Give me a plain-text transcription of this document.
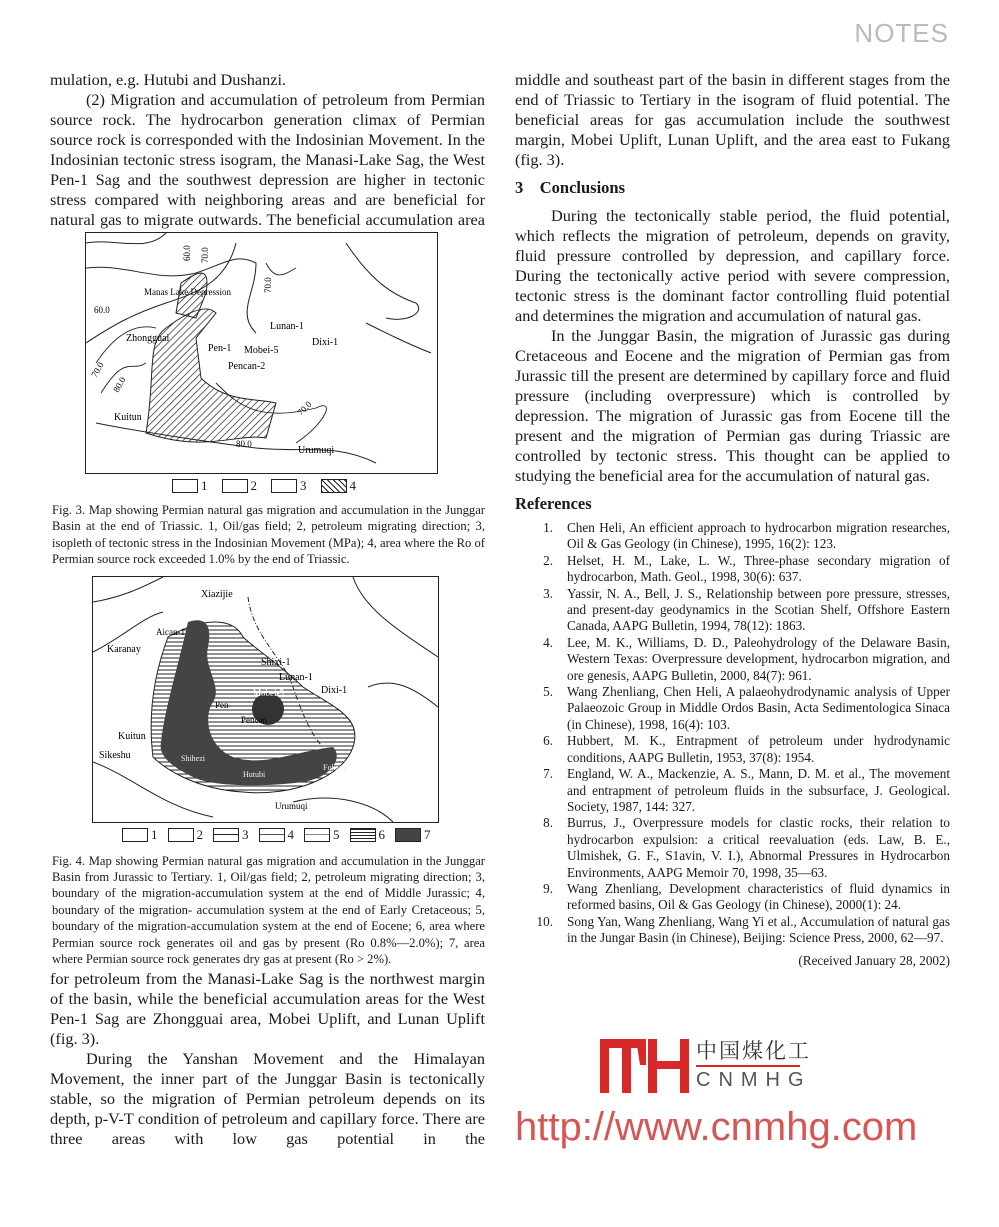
NOTES

mulation, e.g. Hutubi and Dushanzi.

(2) Migration and accumulation of petroleum from Permian source rock. The hydrocarbon generation climax of Permian source rock is corresponded with the Indosinian Movement. In the Indosinian tectonic stress isogram, the Manasi-Lake Sag, the West Pen-1 Sag and the southwest depression are higher in tectonic stress compared with neighboring areas and are beneficial for natural gas to migrate outwards. The beneficial accumulation area

Manas Lake Depression
Lunan-1
Dixi-1
Zhongguai
Pen-1 Mobei-5
Pencan-2
Kuitun
Urumuqi
60.0
70.0
70.0
60.0
70.0
80.0
70.0
80.0
1	2	3	4
Fig. 3. Map showing Permian natural gas migration and accumulation in the Junggar Basin at the end of Triassic. 1, Oil/gas field; 2, petroleum migrating direction; 3, isopleth of tectonic stress in the Indosinian Movement (MPa); 4, area where the Ro of Permian source rock exceeded 1.0% by the end of Triassic.
Xiazijie
Aican-1
Karanay
Shixi-1
Lunan-1
Mobei-5	Dixi-1
Pen-
Pencan
Kuitun
Sikeshu	Shihezi
Hutubi
Fukang
Urumuqi
1	2	3	4	5	6	7
Fig. 4. Map showing Permian natural gas migration and accumulation in the Junggar Basin from Jurassic to Tertiary. 1, Oil/gas field; 2, petroleum migrating direction; 3, boundary of the migration-accumulation system at the end of Middle Jurassic; 4, boundary of the migration- accumulation system at the end of Early Cretaceous; 5, boundary of the migration-accumulation system at the end of Eocene; 6, area where Permian source rock generates oil and gas by present (Ro 0.8%—2.0%); 7, area where Permian source rock generates dry gas at present (Ro > 2%).

for petroleum from the Manasi-Lake Sag is the northwest margin of the basin, while the beneficial accumulation areas for the West Pen-1 Sag are Zhongguai area, Mobei Uplift, and Lunan Uplift (fig. 3).

During the Yanshan Movement and the Himalayan Movement, the inner part of the Junggar Basin is tectonically stable, so the migration of Permian petroleum depends on its depth, p-V-T condition of petroleum and capillary force. There are three areas with low gas potential in the

middle and southeast part of the basin in different stages from the end of Triassic to Tertiary in the isogram of fluid potential. The beneficial areas for gas accumulation include the southwest margin, Mobei Uplift, Lunan Uplift, and the area east to Fukang (fig. 3).

3    Conclusions

During the tectonically stable period, the fluid potential, which reflects the migration of petroleum, depends on gravity, fluid pressure controlled by depression, and capillary force. During the tectonically active period with severe compression, tectonic stress is the dominant factor controlling fluid potential and determines the migration and accumulation of natural gas.

In the Junggar Basin, the migration of Jurassic gas during Cretaceous and Eocene and the migration of Permian gas from Jurassic till the present are determined by capillary force and fluid pressure (including overpressure) which is controlled by depression. The migration of Jurassic gas from Eocene till the present and the migration of Permian gas during Triassic are controlled by tectonic stress. This thought can be applied to studying the beneficial area for the accumulation of natural gas.

References
1.	Chen Heli, An efficient approach to hydrocarbon migration researches, Oil & Gas Geology (in Chinese), 1995, 16(2): 123.
2.	Helset, H. M., Lake, L. W., Three-phase secondary migration of hydrocarbon, Math. Geol., 1998, 30(6): 637.
3.	Yassir, N. A., Bell, J. S., Relationship between pore pressure, stresses, and present-day geodynamics in the Scotian Shelf, Offshore Eastern Canada, AAPG Bulletin, 1994, 78(12): 1863.
4.	Lee, M. K., Williams, D. D., Paleohydrology of the Delaware Basin, Western Texas: Overpressure development, hydrocarbon migration, and ore genesis, AAPG Bulletin, 2000, 84(7): 961.
5.	Wang Zhenliang, Chen Heli, A palaeohydrodynamic analysis of Upper Palaeozoic Group in Middle Ordos Basin, Acta Sedimentologica Sinaca (in Chinese), 1998, 16(4): 103.
6.	Hubbert, M. K., Entrapment of petroleum under hydrodynamic conditions, AAPG Bulletin, 1953, 37(8): 1954.
7.	England, W. A., Mackenzie, A. S., Mann, D. M. et al., The movement and entrapment of petroleum fluids in the subsurface, J. Geological. Society, 1987, 144: 327.
8.	Burrus, J., Overpressure models for clastic rocks, their relation to hydrocarbon expulsion: a critical reevaluation (eds. Law, B. E., Ulmishek, G. F., S1avin, V. I.), Abnormal Pressures in Hydrocarbon Environments, AAPG Memoir 70, 1998, 35—63.
9.	Wang Zhenliang, Development characteristics of fluid dynamics in reformed basins, Oil & Gas Geology (in Chinese), 2000(1): 24.
10.	Song Yan, Wang Zhenliang, Wang Yi et al., Accumulation of natural gas in the Jungar Basin (in Chinese), Beijing: Science Press, 2000, 62—97.
(Received January 28, 2002)
中国煤化工
CNMHG
http://www.cnmhg.com
